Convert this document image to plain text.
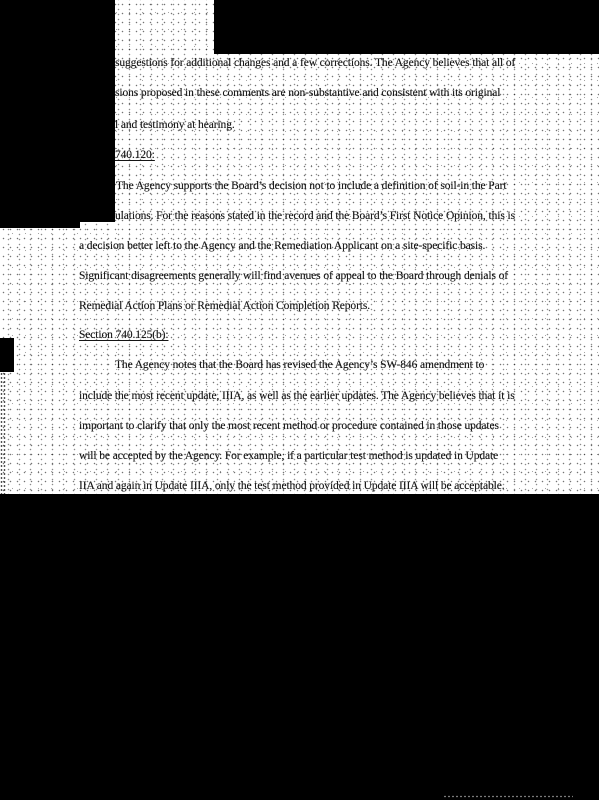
suggestions for additional changes and a few corrections. The Agency believes that all of
sions proposed in these comments are non-substantive and consistent with its original
l and testimony at hearing.
740.120:
The Agency supports the Board’s decision not to include a definition of soil-in the Part
ulations. For the reasons stated in the record and the Board’s First Notice Opinion, this is
a decision better left to the Agency and the Remediation Applicant on a site-specific basis.
Significant disagreements generally will find avenues of appeal to the Board through denials of
Remedial Action Plans or Remedial Action Completion Reports.
Section 740.125(b):
The Agency notes that the Board has revised the Agency’s SW-846 amendment to
include the most recent update, IIIA, as well as the earlier updates. The Agency believes that it is
important to clarify that only the most recent method or procedure contained in those updates
will be accepted by the Agency. For example, if a particular test method is updated in Update
IIA and again in Update IIIA, only the test method provided in Update IIIA will be acceptable.
